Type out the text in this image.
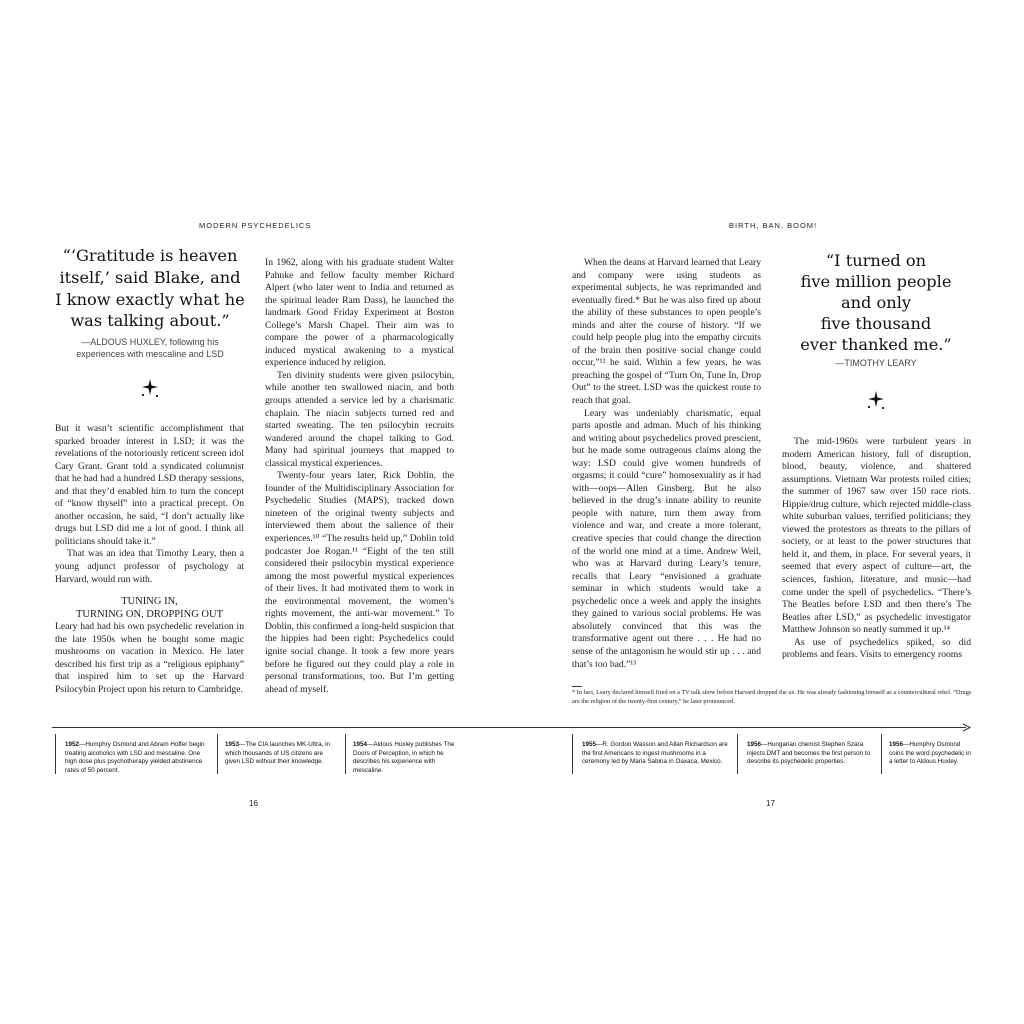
MODERN PSYCHEDELICS
“‘Gratitude is heaven
itself,’ said Blake, and
I know exactly what he
was talking about.”
—ALDOUS HUXLEY, following his
experiences with mescaline and LSD

But it wasn’t scientific accomplishment that sparked broader interest in LSD; it was the revelations of the notoriously reticent screen idol Cary Grant. Grant told a syndicated columnist that he had had a hundred LSD therapy sessions, and that they’d enabled him to turn the concept of “know thyself” into a practical precept. On another occasion, he said, “I don’t actually like drugs but LSD did me a lot of good. I think all politicians should take it.”

That was an idea that Timothy Leary, then a young adjunct professor of psychology at Harvard, would run with.

TUNING IN,
TURNING ON, DROPPING OUT

Leary had had his own psychedelic revelation in the late 1950s when he bought some magic mushrooms on vacation in Mexico. He later described his first trip as a “religious epiphany” that inspired him to set up the Harvard Psilocybin Project upon his return to Cambridge.

In 1962, along with his graduate student Walter Pahnke and fellow faculty member Richard Alpert (who later went to India and returned as the spiritual leader Ram Dass), he launched the landmark Good Friday Experiment at Boston College’s Marsh Chapel. Their aim was to compare the power of a pharmacologically induced mystical awakening to a mystical experience induced by religion.

Ten divinity students were given psilocybin, while another ten swallowed niacin, and both groups attended a service led by a charismatic chaplain. The niacin subjects turned red and started sweating. The ten psilocybin recruits wandered around the chapel talking to God. Many had spiritual journeys that mapped to classical mystical experiences.

Twenty-four years later, Rick Doblin, the founder of the Multidisciplinary Association for Psychedelic Studies (MAPS), tracked down nineteen of the original twenty subjects and interviewed them about the salience of their experiences.¹⁰ “The results held up,” Doblin told podcaster Joe Rogan.¹¹ “Eight of the ten still considered their psilocybin mystical experience among the most powerful mystical experiences of their lives. It had motivated them to work in the environmental movement, the women’s rights movement, the anti-war movement.” To Doblin, this confirmed a long-held suspicion that the hippies had been right: Psychedelics could ignite social change. It took a few more years before he figured out they could play a role in personal transformations, too. But I’m getting ahead of myself.

16
BIRTH, BAN, BOOM!

When the deans at Harvard learned that Leary and company were using students as experimental subjects, he was reprimanded and eventually fired.* But he was also fired up about the ability of these substances to open people’s minds and alter the course of history. “If we could help people plug into the empathy circuits of the brain then positive social change could occur,”¹² he said. Within a few years, he was preaching the gospel of “Turn On, Tune In, Drop Out” to the street. LSD was the quickest route to reach that goal.

Leary was undeniably charismatic, equal parts apostle and adman. Much of his thinking and writing about psychedelics proved prescient, but he made some outrageous claims along the way: LSD could give women hundreds of orgasms; it could “cure” homosexuality as it had with—oops—Allen Ginsberg. But he also believed in the drug’s innate ability to reunite people with nature, turn them away from violence and war, and create a more tolerant, creative species that could change the direction of the world one mind at a time. Andrew Weil, who was at Harvard during Leary’s tenure, recalls that Leary “envisioned a graduate seminar in which students would take a psychedelic once a week and apply the insights they gained to various social problems. He was absolutely convinced that this was the transformative agent out there . . . He had no sense of the antagonism he would stir up . . . and that’s too bad.”¹³

“I turned on
five million people
and only
five thousand
ever thanked me.”
—TIMOTHY LEARY

The mid-1960s were turbulent years in modern American history, full of disruption, blood, beauty, violence, and shattered assumptions. Vietnam War protests roiled cities; the summer of 1967 saw over 150 race riots. Hippie/drug culture, which rejected middle-class white suburban values, terrified politicians; they viewed the protestors as threats to the pillars of society, or at least to the power structures that held it, and them, in place. For several years, it seemed that every aspect of culture—art, the sciences, fashion, literature, and music—had come under the spell of psychedelics. “There’s The Beatles before LSD and then there’s The Beatles after LSD,” as psychedelic investigator Matthew Johnson so neatly summed it up.¹⁴

As use of psychedelics spiked, so did problems and fears. Visits to emergency rooms

* In fact, Leary declared himself fired on a TV talk show before Harvard dropped the ax. He was already fashioning himself as a countercultural rebel. “Drugs are the religion of the twenty-first century,” he later pronounced.
17
1952—Humphry Osmond and Abram Hoffer begin treating alcoholics with LSD and mescaline. One high dose plus psychotherapy yielded abstinence rates of 50 percent.
1953—The CIA launches MK-Ultra, in which thousands of US citizens are given LSD without their knowledge.
1954—Aldous Huxley publishes The Doors of Perception, in which he describes his experience with mescaline.
1955—R. Gordon Wasson and Allan Richardson are the first Americans to ingest mushrooms in a ceremony led by Maria Sabina in Oaxaca, Mexico.
1956—Hungarian chemist Stephen Szára injects DMT and becomes the first person to describe its psychedelic properties.
1956—Humphry Osmond coins the word psychedelic in a letter to Aldous Huxley.
